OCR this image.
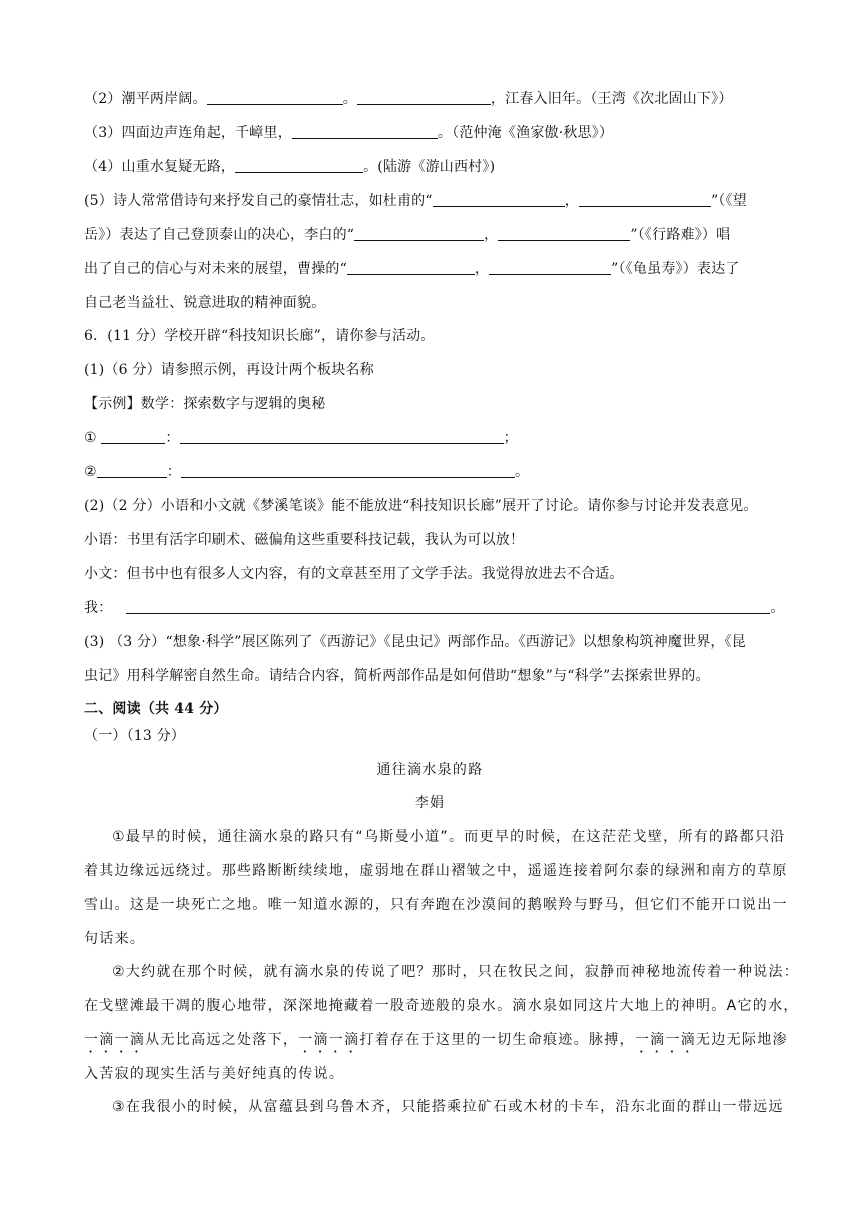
（2）潮平两岸阔。	。	，江春入旧年。（王湾《次北固山下》）
（3）四面边声连角起，千嶂里，	。（范仲淹《渔家傲·秋思》）
（4）山重水复疑无路，	。(陆游《游山西村》)
(5）诗人常常借诗句来抒发自己的豪情壮志，如杜甫的“	，	”（《望
岳》）表达了自己登顶泰山的决心，李白的“	，	”（《行路难》）唱
出了自己的信心与对未来的展望，曹操的“	，	”（《龟虽寿》）表达了
自己老当益壮、锐意进取的精神面貌。
6．(11 分）学校开辟“科技知识长廊”，请你参与活动。
(1)（6 分）请参照示例，再设计两个板块名称
【示例】数学：探索数字与逻辑的奥秘
①	：	；
②	：	。
(2)（2 分）小语和小文就《梦溪笔谈》能不能放进“科技知识长廊”展开了讨论。请你参与讨论并发表意见。
小语：书里有活字印刷术、磁偏角这些重要科技记载，我认为可以放！
小文：但书中也有很多人文内容，有的文章甚至用了文学手法。我觉得放进去不合适。
我：	。
(3) （3 分）“想象·科学”展区陈列了《西游记》《昆虫记》两部作品。《西游记》以想象构筑神魔世界，《昆
虫记》用科学解密自然生命。请结合内容，简析两部作品是如何借助“想象”与“科学”去探索世界的。
二、阅读（共 44 分）
（一）（13 分）
通往滴水泉的路
李娟
①最早的时候，通往滴水泉的路只有“乌斯曼小道”。而更早的时候，在这茫茫戈壁，所有的路都只沿
着其边缘远远绕过。那些路断断续续地，虚弱地在群山褶皱之中，遥遥连接着阿尔泰的绿洲和南方的草原
雪山。这是一块死亡之地。唯一知道水源的，只有奔跑在沙漠间的鹅喉羚与野马，但它们不能开口说出一
句话来。
②大约就在那个时候，就有滴水泉的传说了吧？那时，只在牧民之间，寂静而神秘地流传着一种说法：
在戈壁滩最干凋的腹心地带，深深地掩藏着一股奇迹般的泉水。滴水泉如同这片大地上的神明。A它的水，
一滴一滴从无比高远之处落下，一滴一滴打着存在于这里的一切生命痕迹。脉搏，一滴一滴无边无际地渗
入苦寂的现实生活与美好纯真的传说。
③在我很小的时候，从富蕴县到乌鲁木齐，只能搭乘拉矿石或木材的卡车，沿东北面的群山一带远远
